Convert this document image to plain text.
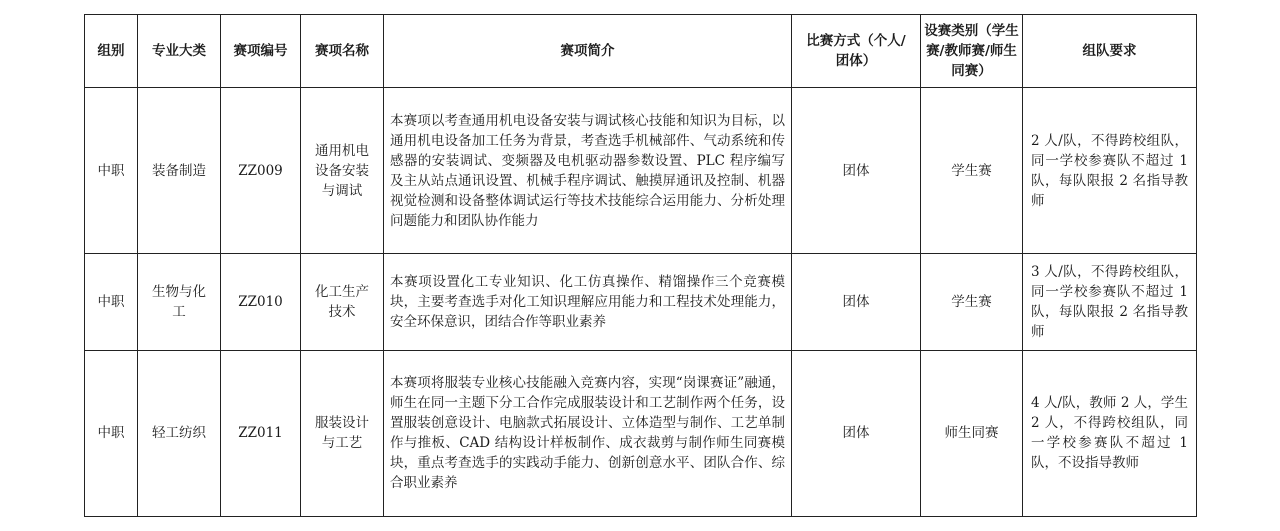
组别	专业大类	赛项编号	赛项名称	赛项简介	比赛方式（个人/团体）	设赛类别（学生赛/教师赛/师生同赛）	组队要求
中职	装备制造	ZZ009	通用机电设备安装与调试	本赛项以考查通用机电设备安装与调试核心技能和知识为目标，以通用机电设备加工任务为背景，考查选手机械部件、气动系统和传感器的安装调试、变频器及电机驱动器参数设置、PLC 程序编写及主从站点通讯设置、机械手程序调试、触摸屏通讯及控制、机器视觉检测和设备整体调试运行等技术技能综合运用能力、分析处理问题能力和团队协作能力	团体	学生赛	2 人/队，不得跨校组队，同一学校参赛队不超过 1 队，每队限报 2 名指导教师

中职	生物与化工	ZZ010	化工生产技术	本赛项设置化工专业知识、化工仿真操作、精馏操作三个竞赛模块，主要考查选手对化工知识理解应用能力和工程技术处理能力，安全环保意识，团结合作等职业素养	团体	学生赛	3 人/队，不得跨校组队，同一学校参赛队不超过 1 队，每队限报 2 名指导教师

中职	轻工纺织	ZZ011	服装设计与工艺	本赛项将服装专业核心技能融入竞赛内容，实现“岗课赛证”融通，师生在同一主题下分工合作完成服装设计和工艺制作两个任务，设置服装创意设计、电脑款式拓展设计、立体造型与制作、工艺单制作与推板、CAD 结构设计样板制作、成衣裁剪与制作师生同赛模块，重点考查选手的实践动手能力、创新创意水平、团队合作、综合职业素养	团体	师生同赛	4 人/队，教师 2 人，学生 2 人，不得跨校组队，同一学校参赛队不超过 1 队，不设指导教师
